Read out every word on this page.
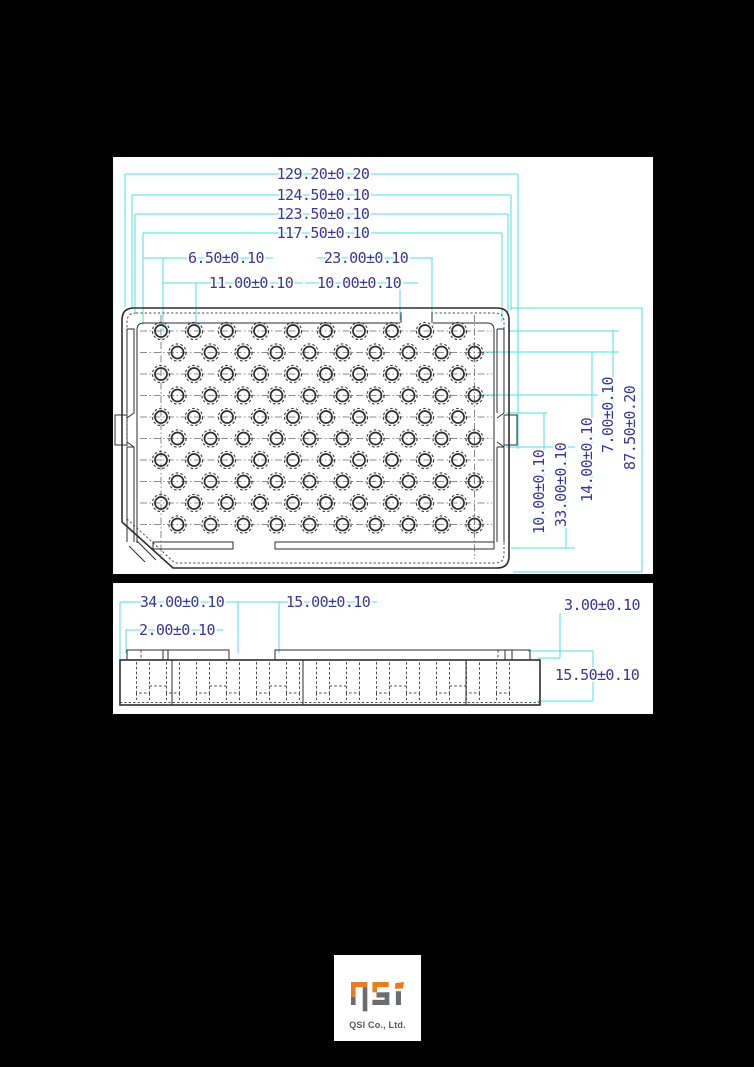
129.20±0.20
124.50±0.10
123.50±0.10
117.50±0.10
6.50±0.10	23.00±0.10
11.00±0.10 10.00±0.10
87.50±0.20
7.00±0.10
14.00±0.10
33.00±0.10
10.00±0.10
34.00±0.10	15.00±0.10
2.00±0.10
3.00±0.10
15.50±0.10
QSI Co., Ltd.
